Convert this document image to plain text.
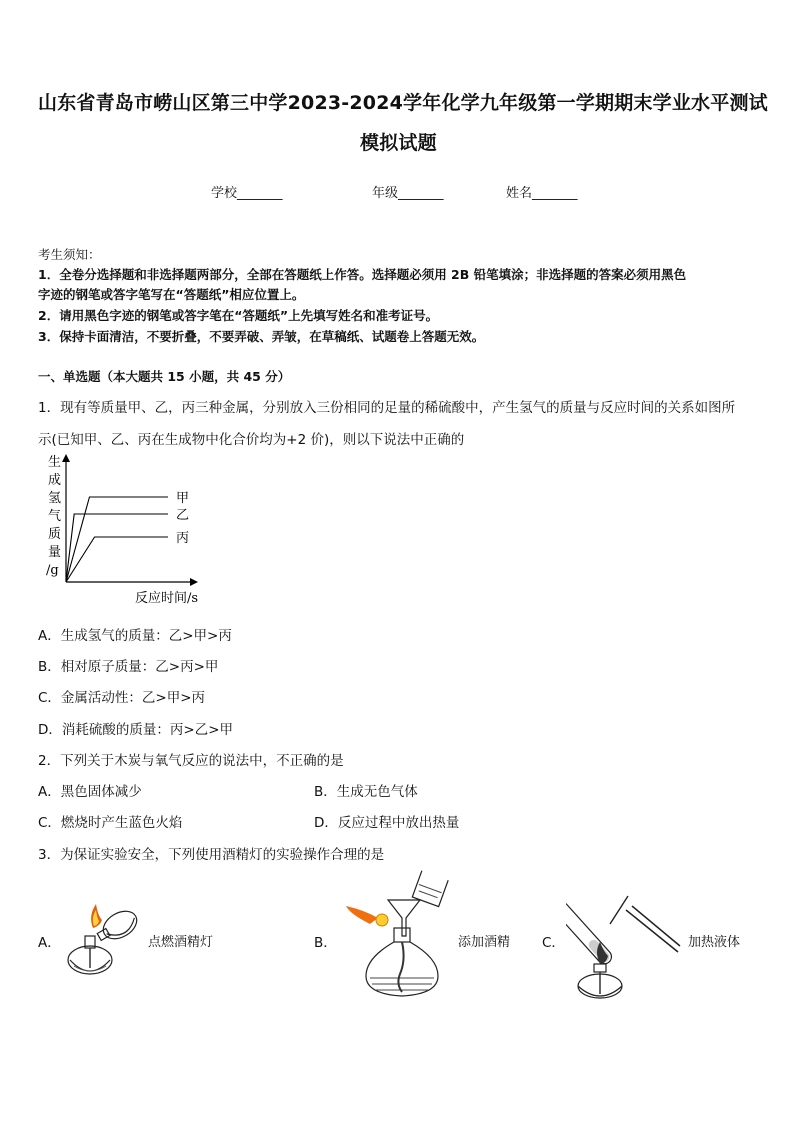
山东省青岛市崂山区第三中学2023-2024学年化学九年级第一学期期末学业水平测试
模拟试题
学校_______	年级_______	姓名_______
考生须知：
1．全卷分选择题和非选择题两部分，全部在答题纸上作答。选择题必须用 2B 铅笔填涂；非选择题的答案必须用黑色
字迹的钢笔或答字笔写在“答题纸”相应位置上。
2．请用黑色字迹的钢笔或答字笔在“答题纸”上先填写姓名和准考证号。
3．保持卡面清洁，不要折叠，不要弄破、弄皱，在草稿纸、试题卷上答题无效。
一、单选题（本大题共 15 小题，共 45 分）
1．现有等质量甲、乙，丙三种金属，分别放入三份相同的足量的稀硫酸中，产生氢气的质量与反应时间的关系如图所
示(已知甲、乙、丙在生成物中化合价均为+2 价)，则以下说法中正确的
生
成
氢
气
质
量
/g
甲
乙
丙
反应时间/s
A．生成氢气的质量：乙>甲>丙
B．相对原子质量：乙>丙>甲
C．金属活动性：乙>甲>丙
D．消耗硫酸的质量：丙>乙>甲
2．下列关于木炭与氧气反应的说法中，不正确的是
A．黑色固体减少	B．生成无色气体
C．燃烧时产生蓝色火焰	D．反应过程中放出热量
3．为保证实验安全，下列使用酒精灯的实验操作合理的是
A．	点燃酒精灯	B．	添加酒精 C．	加热液体
